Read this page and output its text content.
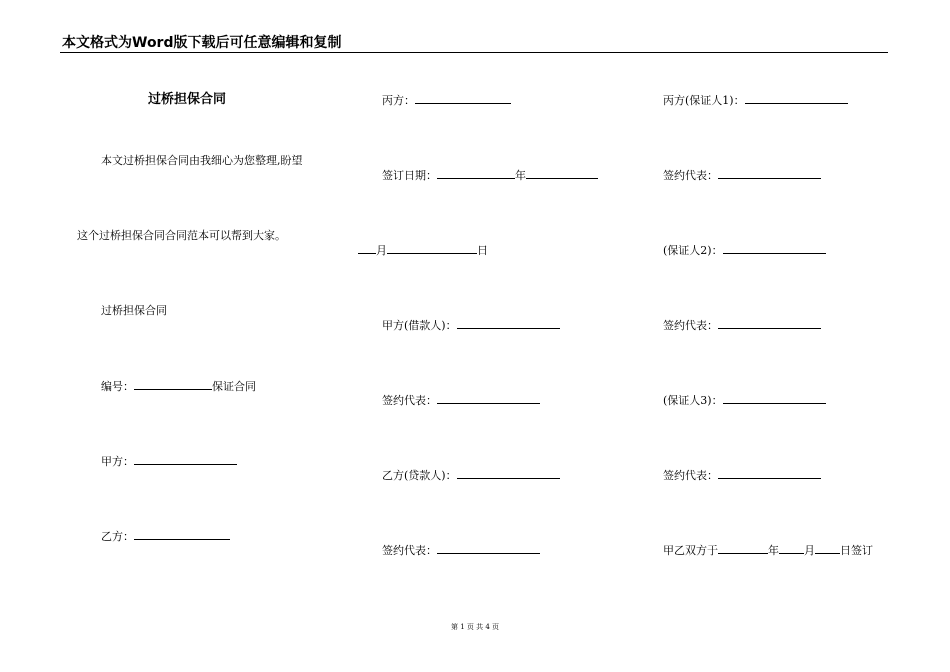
本文格式为Word版下载后可任意编辑和复制
过桥担保合同
本文过桥担保合同由我细心为您整理,盼望
这个过桥担保合同合同范本可以帮到大家。
过桥担保合同
编号：	保证合同
甲方：
乙方：
丙方：
签订日期：	年
月	日
甲方(借款人)：
签约代表：
乙方(贷款人)：
签约代表：
丙方(保证人1)：
签约代表：
(保证人2)：
签约代表：
(保证人3)：
签约代表：
甲乙双方于	年 月 日签订
第 1 页 共 4 页
